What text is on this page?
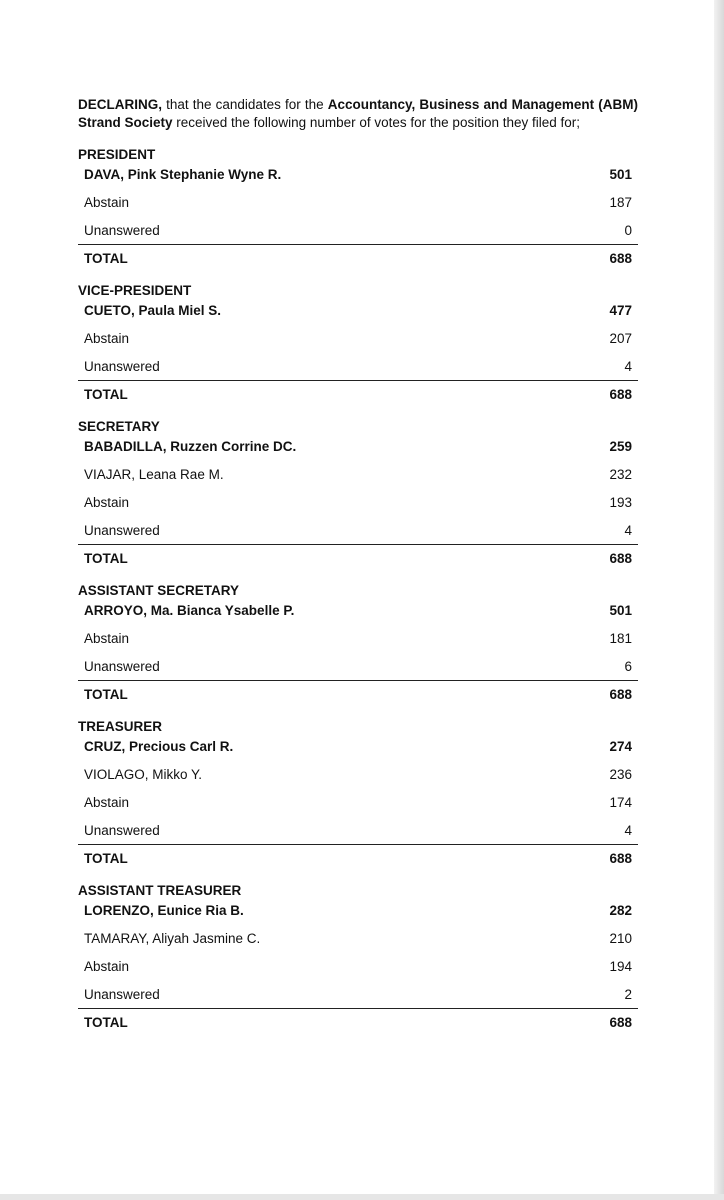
DECLARING, that the candidates for the Accountancy, Business and Management (ABM) Strand Society received the following number of votes for the position they filed for;

PRESIDENT
DAVA, Pink Stephanie Wyne R.	501
Abstain	187
Unanswered	0
TOTAL	688
VICE-PRESIDENT
CUETO, Paula Miel S.	477
Abstain	207
Unanswered	4
TOTAL	688
SECRETARY
BABADILLA, Ruzzen Corrine DC.	259
VIAJAR, Leana Rae M.	232
Abstain	193
Unanswered	4
TOTAL	688
ASSISTANT SECRETARY
ARROYO, Ma. Bianca Ysabelle P.	501
Abstain	181
Unanswered	6
TOTAL	688
TREASURER
CRUZ, Precious Carl R.	274
VIOLAGO, Mikko Y.	236
Abstain	174
Unanswered	4
TOTAL	688
ASSISTANT TREASURER
LORENZO, Eunice Ria B.	282
TAMARAY, Aliyah Jasmine C.	210
Abstain	194
Unanswered	2
TOTAL	688
